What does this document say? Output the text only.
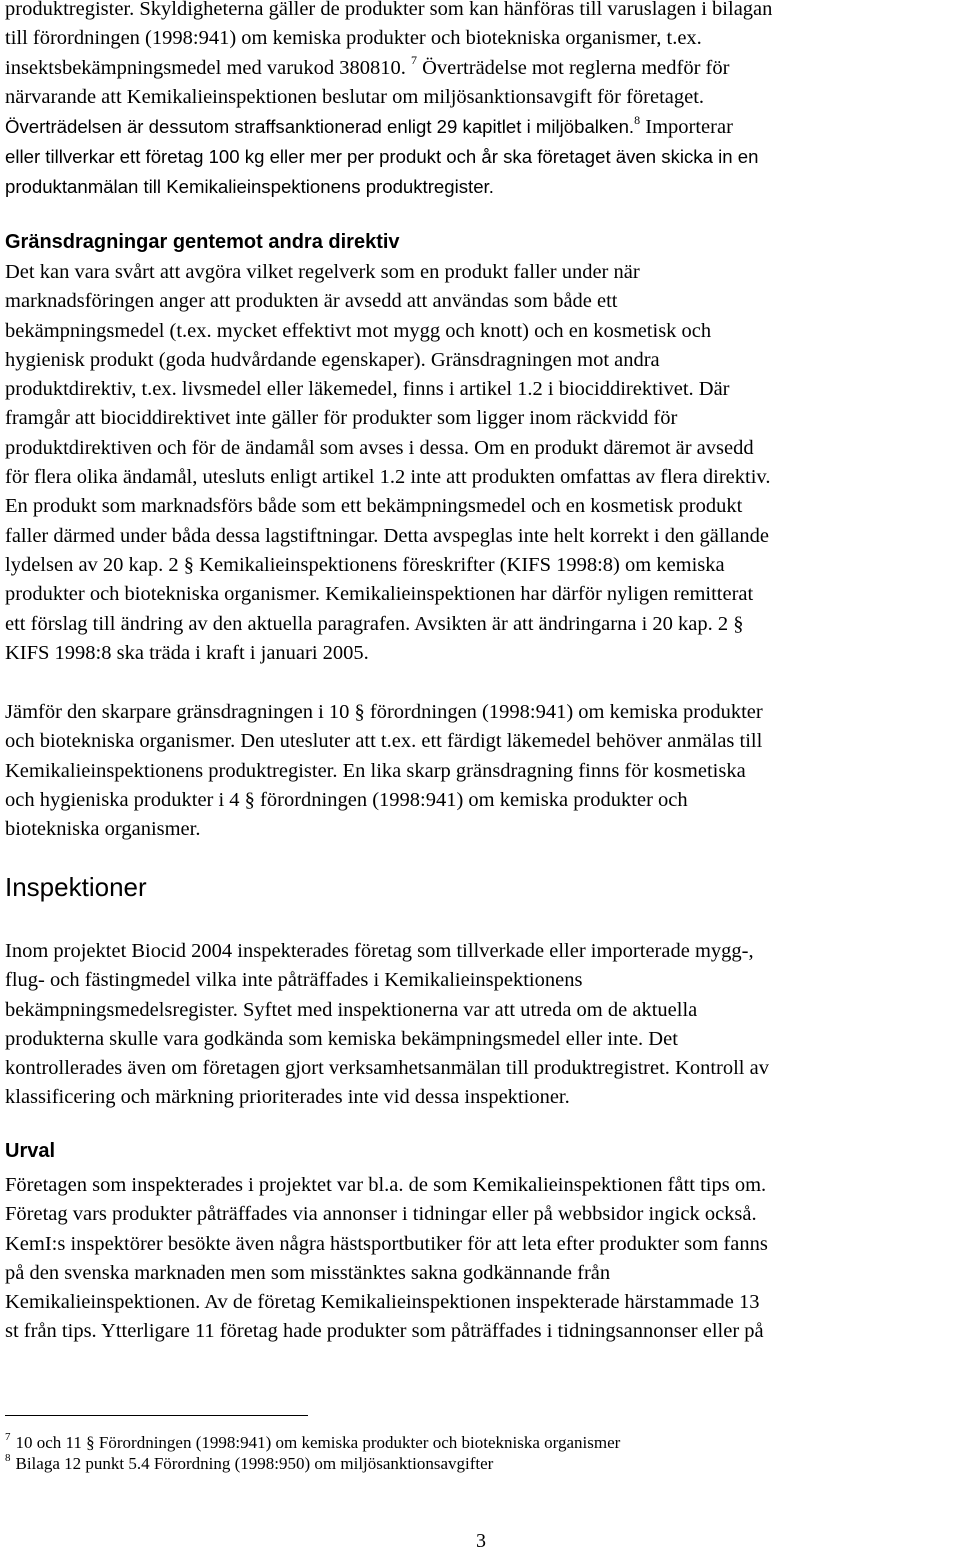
produktregister. Skyldigheterna gäller de produkter som kan hänföras till varuslagen i bilagan
till förordningen (1998:941) om kemiska produkter och biotekniska organismer, t.ex.
insektsbekämpningsmedel med varukod 380810. $^7$ Överträdelse mot reglerna medför för
närvarande att Kemikalieinspektionen beslutar om miljösanktionsavgift för företaget.
Överträdelsen är dessutom straffsanktionerad enligt 29 kapitlet i miljöbalken.$^8$ Importerar
eller tillverkar ett företag 100 kg eller mer per produkt och år ska företaget även skicka in en
produktanmälan till Kemikalieinspektionens produktregister.
Gränsdragningar gentemot andra direktiv
Det kan vara svårt att avgöra vilket regelverk som en produkt faller under när
marknadsföringen anger att produkten är avsedd att användas som både ett
bekämpningsmedel (t.ex. mycket effektivt mot mygg och knott) och en kosmetisk och
hygienisk produkt (goda hudvårdande egenskaper). Gränsdragningen mot andra
produktdirektiv, t.ex. livsmedel eller läkemedel, finns i artikel 1.2 i biociddirektivet. Där
framgår att biociddirektivet inte gäller för produkter som ligger inom räckvidd för
produktdirektiven och för de ändamål som avses i dessa. Om en produkt däremot är avsedd
för flera olika ändamål, utesluts enligt artikel 1.2 inte att produkten omfattas av flera direktiv.
En produkt som marknadsförs både som ett bekämpningsmedel och en kosmetisk produkt
faller därmed under båda dessa lagstiftningar. Detta avspeglas inte helt korrekt i den gällande
lydelsen av 20 kap. 2 § Kemikalieinspektionens föreskrifter (KIFS 1998:8) om kemiska
produkter och biotekniska organismer. Kemikalieinspektionen har därför nyligen remitterat
ett förslag till ändring av den aktuella paragrafen. Avsikten är att ändringarna i 20 kap. 2 §
KIFS 1998:8 ska träda i kraft i januari 2005.
Jämför den skarpare gränsdragningen i 10 § förordningen (1998:941) om kemiska produkter
och biotekniska organismer. Den utesluter att t.ex. ett färdigt läkemedel behöver anmälas till
Kemikalieinspektionens produktregister. En lika skarp gränsdragning finns för kosmetiska
och hygieniska produkter i 4 § förordningen (1998:941) om kemiska produkter och
biotekniska organismer.
Inspektioner
Inom projektet Biocid 2004 inspekterades företag som tillverkade eller importerade mygg-,
flug- och fästingmedel vilka inte påträffades i Kemikalieinspektionens
bekämpningsmedelsregister. Syftet med inspektionerna var att utreda om de aktuella
produkterna skulle vara godkända som kemiska bekämpningsmedel eller inte. Det
kontrollerades även om företagen gjort verksamhetsanmälan till produktregistret. Kontroll av
klassificering och märkning prioriterades inte vid dessa inspektioner.
Urval
Företagen som inspekterades i projektet var bl.a. de som Kemikalieinspektionen fått tips om.
Företag vars produkter påträffades via annonser i tidningar eller på webbsidor ingick också.
KemI:s inspektörer besökte även några hästsportbutiker för att leta efter produkter som fanns
på den svenska marknaden men som misstänktes sakna godkännande från
Kemikalieinspektionen. Av de företag Kemikalieinspektionen inspekterade härstammade 13
st från tips. Ytterligare 11 företag hade produkter som påträffades i tidningsannonser eller på
$^7$ 10 och 11 § Förordningen (1998:941) om kemiska produkter och biotekniska organismer
$^8$ Bilaga 12 punkt 5.4 Förordning (1998:950) om miljösanktionsavgifter
3
